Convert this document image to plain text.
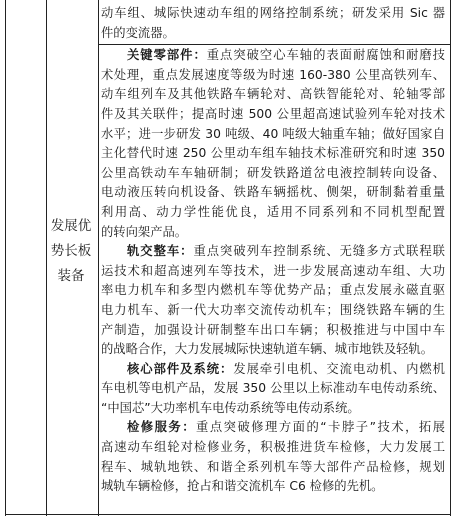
发展优
势长板
装备
动车组、城际快速动车组的网络控制系统；研发采用 Sic 器
件的变流器。
关键零部件：重点突破空心车轴的表面耐腐蚀和耐磨技
术处理，重点发展速度等级为时速 160-380 公里高铁列车、
动车组列车及其他铁路车辆轮对、高铁智能轮对、轮轴零部
件及其关联件；提高时速 500 公里超高速试验列车轮对技术
水平；进一步研发 30 吨级、40 吨级大轴重车轴；做好国家自
主化替代时速 250 公里动车组车轴技术标准研究和时速 350
公里高铁动车车轴研制；研发铁路道岔电液控制转向设备、
电动液压转向机设备、铁路车辆摇枕、侧架，研制黏着重量
利用高、动力学性能优良，适用不同系列和不同机型配置
的转向架产品。
轨交整车：重点突破列车控制系统、无缝多方式联程联
运技术和超高速列车等技术，进一步发展高速动车组、大功
率电力机车和多型内燃机车等优势产品；重点发展永磁直驱
电力机车、新一代大功率交流传动机车；围绕铁路车辆的生
产制造，加强设计研制整车出口车辆；积极推进与中国中车
的战略合作，大力发展城际快速轨道车辆、城市地铁及轻轨。
核心部件及系统：发展牵引电机、交流电动机、内燃机
车电机等电机产品，发展 350 公里以上标准动车电传动系统、
“中国芯”大功率机车电传动系统等电传动系统。
检修服务：重点突破修理方面的“卡脖子”技术，拓展
高速动车组轮对检修业务，积极推进货车检修，大力发展工
程车、城轨地铁、和谐全系列机车等大部件产品检修，规划
城轨车辆检修，抢占和谐交流机车 C6 检修的先机。
